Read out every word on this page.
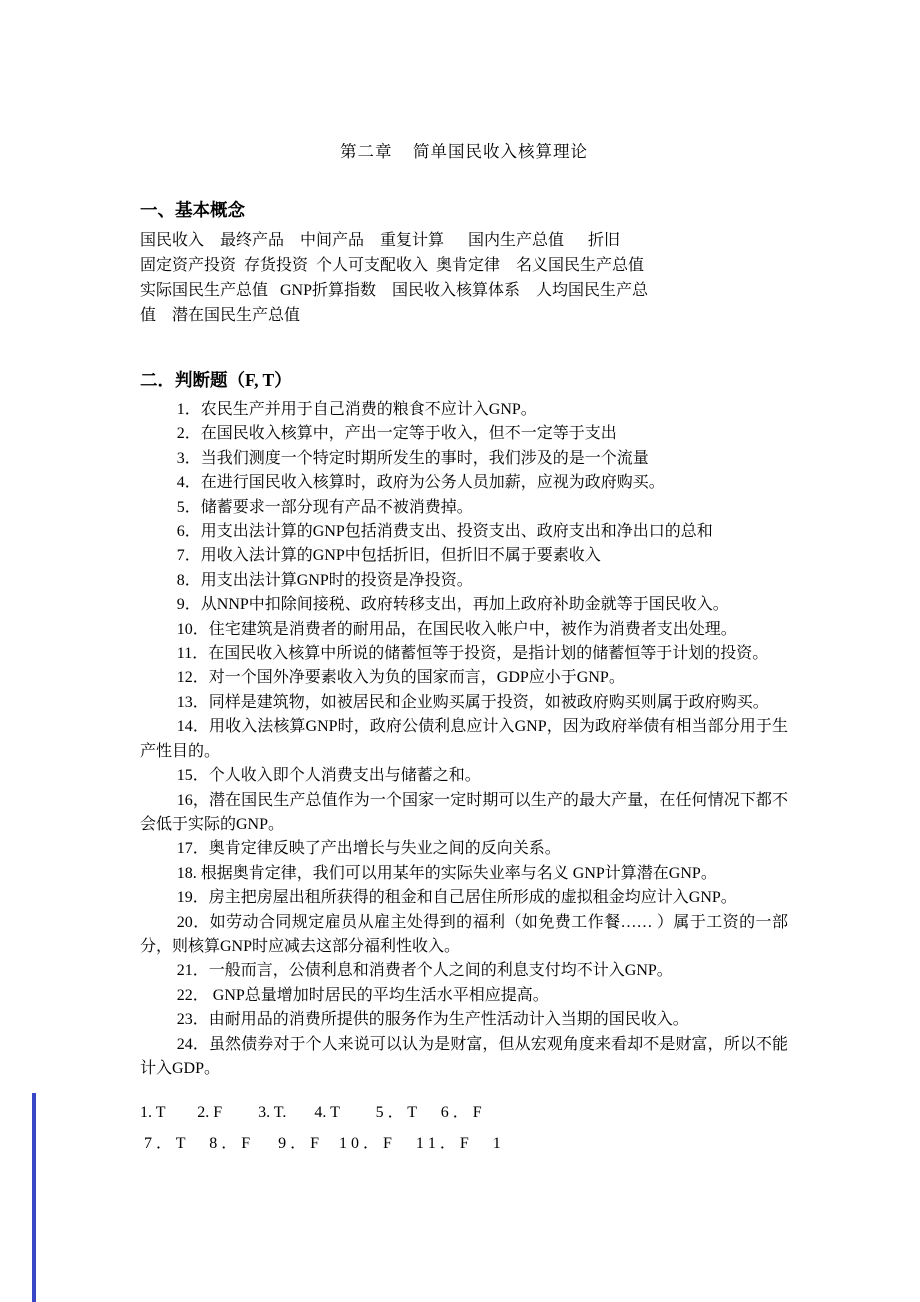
第二章    简单国民收入核算理论

一、基本概念

国民收入    最终产品    中间产品    重复计算      国内生产总值      折旧

固定资产投资  存货投资  个人可支配收入  奥肯定律    名义国民生产总值

实际国民生产总值   GNP折算指数    国民收入核算体系    人均国民生产总

值    潜在国民生产总值

二．判断题（F, T）

1．农民生产并用于自己消费的粮食不应计入GNP。

2．在国民收入核算中，产出一定等于收入，但不一定等于支出

3．当我们测度一个特定时期所发生的事时，我们涉及的是一个流量

4．在进行国民收入核算时，政府为公务人员加薪，应视为政府购买。

5．储蓄要求一部分现有产品不被消费掉。

6．用支出法计算的GNP包括消费支出、投资支出、政府支出和净出口的总和

7．用收入法计算的GNP中包括折旧，但折旧不属于要素收入

8．用支出法计算GNP时的投资是净投资。

9．从NNP中扣除间接税、政府转移支出，再加上政府补助金就等于国民收入。

10．住宅建筑是消费者的耐用品，在国民收入帐户中，被作为消费者支出处理。

11．在国民收入核算中所说的储蓄恒等于投资，是指计划的储蓄恒等于计划的投资。

12．对一个国外净要素收入为负的国家而言，GDP应小于GNP。

13．同样是建筑物，如被居民和企业购买属于投资，如被政府购买则属于政府购买。

14．用收入法核算GNP时，政府公债利息应计入GNP，因为政府举债有相当部分用于生产性目的。

15．个人收入即个人消费支出与储蓄之和。

16，潜在国民生产总值作为一个国家一定时期可以生产的最大产量，在任何情况下都不会低于实际的GNP。

17．奥肯定律反映了产出增长与失业之间的反向关系。

18. 根据奥肯定律，我们可以用某年的实际失业率与名义 GNP计算潜在GNP。

19．房主把房屋出租所获得的租金和自己居住所形成的虚拟租金均应计入GNP。

20．如劳动合同规定雇员从雇主处得到的福利（如免费工作餐…… ）属于工资的一部分，则核算GNP时应减去这部分福利性收入。

21．一般而言，公债利息和消费者个人之间的利息支付均不计入GNP。

22． GNP总量增加时居民的平均生活水平相应提高。

23．由耐用品的消费所提供的服务作为生产性活动计入当期的国民收入。

24．虽然债券对于个人来说可以认为是财富，但从宏观角度来看却不是财富，所以不能计入GDP。

1. T        2. F         3. T.       4. T         5 ． T      6 ． F

7 ． T      8 ． F       9 ． F     1 0 ． F      1 1 ． F      1
